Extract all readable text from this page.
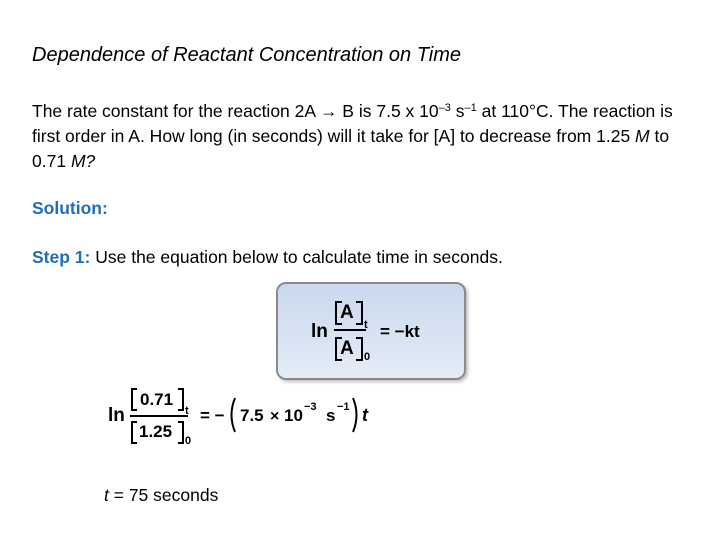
Dependence of Reactant Concentration on Time
The rate constant for the reaction 2A → B is 7.5 x $10^{-3}$ $s^{-1}$ at 110°C. The reaction is first order in A. How long (in seconds) will it take for [A] to decrease from 1.25 M to 0.71 M?
Solution:
Step 1: Use the equation below to calculate time in seconds.
ln
A
t
A 0
= −kt
ln
0.71
t
1.25 0
= − 7.5 × 10 −3 s −1 t
t = 75 seconds
